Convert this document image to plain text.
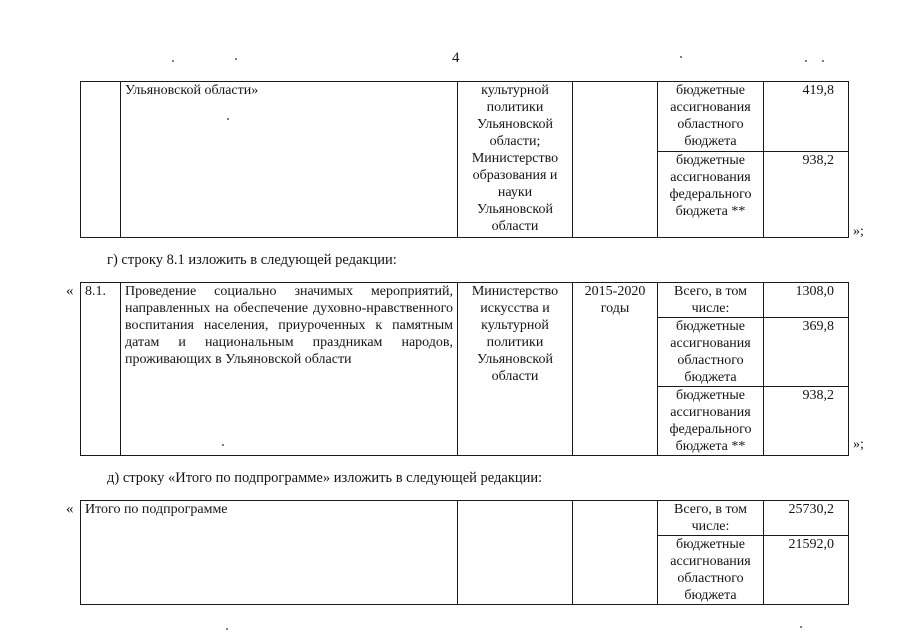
4
	Ульяновской области»	культурной политики Ульяновской области; Министерство образования и науки Ульяновской области		бюджетные ассигнования областного бюджета	419,8
				бюджетные ассигнования федерального бюджета **	938,2
»;
г) строку 8.1 изложить в следующей редакции:
« 8.1.	Проведение социально значимых мероприятий, направленных на обеспечение духовно-нравственного воспитания населения, приуроченных к памятным датам и национальным праздникам народов, проживающих в Ульяновской области	Министерство искусства и культурной политики Ульяновской области	2015-2020 годы	Всего, в том числе:	1308,0
				бюджетные ассигнования областного бюджета	369,8
				бюджетные ассигнования федерального бюджета **	938,2
»;
д) строку «Итого по подпрограмме» изложить в следующей редакции:
« Итого по подпрограмме			Всего, в том числе:	25730,2
			бюджетные ассигнования областного бюджета	21592,0
